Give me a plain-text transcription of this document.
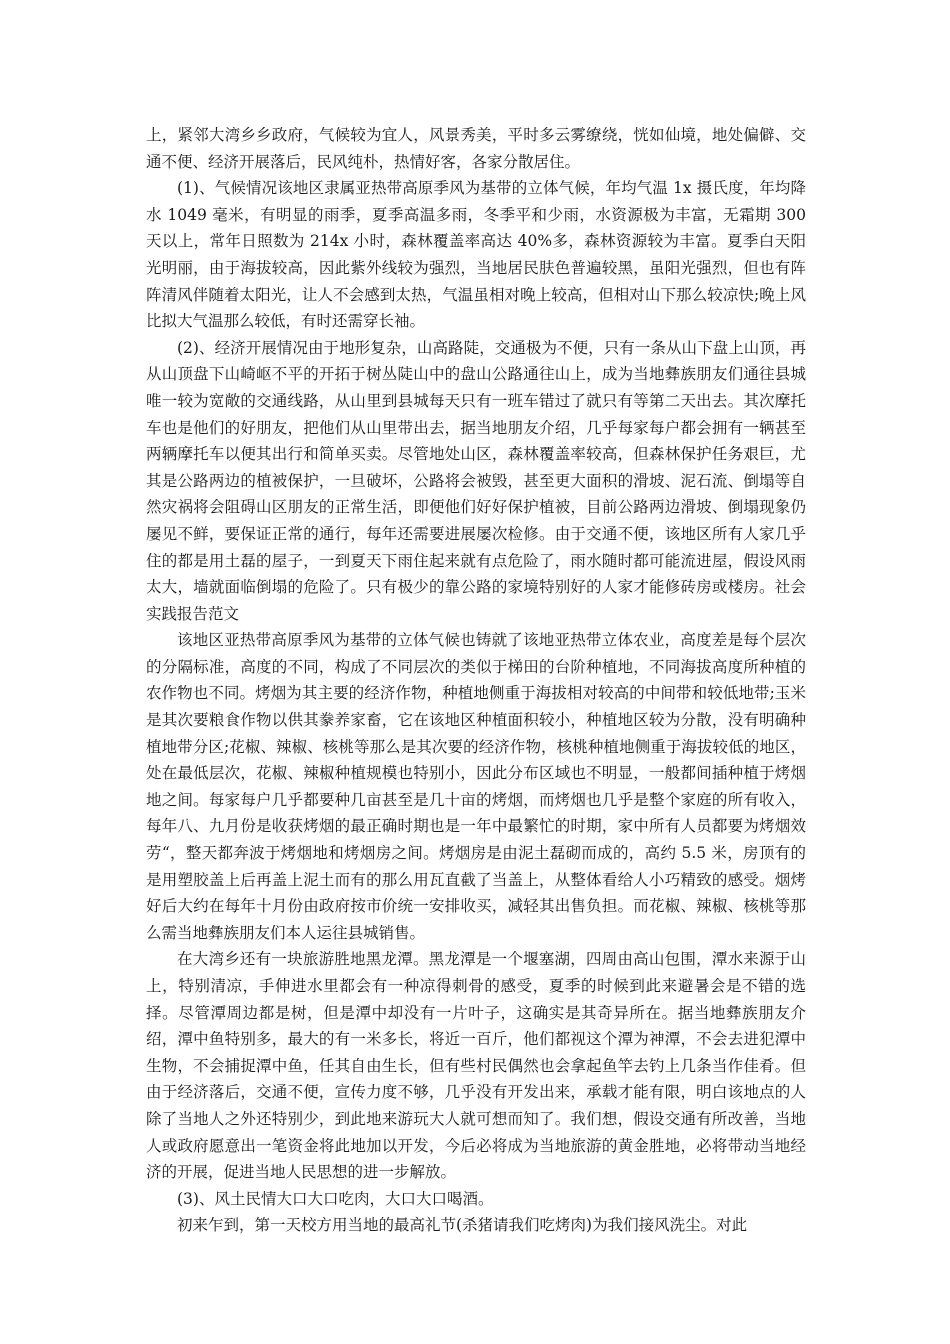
上，紧邻大湾乡乡政府，气候较为宜人，风景秀美，平时多云雾缭绕，恍如仙境，地处偏僻、交通不便、经济开展落后，民风纯朴，热情好客，各家分散居住。

(1)、气候情况该地区隶属亚热带高原季风为基带的立体气候，年均气温 1x 摄氏度，年均降水 1049 毫米，有明显的雨季，夏季高温多雨，冬季平和少雨，水资源极为丰富，无霜期 300 天以上，常年日照数为 214x 小时，森林覆盖率高达 40%多，森林资源较为丰富。夏季白天阳光明丽，由于海拔较高，因此紫外线较为强烈，当地居民肤色普遍较黑，虽阳光强烈，但也有阵阵清风伴随着太阳光，让人不会感到太热，气温虽相对晚上较高，但相对山下那么较凉快;晚上风比拟大气温那么较低，有时还需穿长袖。

(2)、经济开展情况由于地形复杂，山高路陡，交通极为不便，只有一条从山下盘上山顶，再从山顶盘下山崎岖不平的开拓于树丛陡山中的盘山公路通往山上，成为当地彝族朋友们通往县城唯一较为宽敞的交通线路，从山里到县城每天只有一班车错过了就只有等第二天出去。其次摩托车也是他们的好朋友，把他们从山里带出去，据当地朋友介绍，几乎每家每户都会拥有一辆甚至两辆摩托车以便其出行和简单买卖。尽管地处山区，森林覆盖率较高，但森林保护任务艰巨，尤其是公路两边的植被保护，一旦破坏，公路将会被毁，甚至更大面积的滑坡、泥石流、倒塌等自然灾祸将会阻碍山区朋友的正常生活，即便他们好好保护植被，目前公路两边滑坡、倒塌现象仍屡见不鲜，要保证正常的通行，每年还需要进展屡次检修。由于交通不便，该地区所有人家几乎住的都是用土磊的屋子，一到夏天下雨住起来就有点危险了，雨水随时都可能流进屋，假设风雨太大，墙就面临倒塌的危险了。只有极少的靠公路的家境特别好的人家才能修砖房或楼房。社会实践报告范文

该地区亚热带高原季风为基带的立体气候也铸就了该地亚热带立体农业，高度差是每个层次的分隔标准，高度的不同，构成了不同层次的类似于梯田的台阶种植地，不同海拔高度所种植的农作物也不同。烤烟为其主要的经济作物，种植地侧重于海拔相对较高的中间带和较低地带;玉米是其次要粮食作物以供其豢养家畜，它在该地区种植面积较小，种植地区较为分散，没有明确种植地带分区;花椒、辣椒、核桃等那么是其次要的经济作物，核桃种植地侧重于海拔较低的地区，处在最低层次，花椒、辣椒种植规模也特别小，因此分布区域也不明显，一般都间插种植于烤烟地之间。每家每户几乎都要种几亩甚至是几十亩的烤烟，而烤烟也几乎是整个家庭的所有收入，每年八、九月份是收获烤烟的最正确时期也是一年中最繁忙的时期，家中所有人员都要为烤烟效劳“，整天都奔波于烤烟地和烤烟房之间。烤烟房是由泥土磊砌而成的，高约 5.5 米，房顶有的是用塑胶盖上后再盖上泥土而有的那么用瓦直截了当盖上，从整体看给人小巧精致的感受。烟烤好后大约在每年十月份由政府按市价统一安排收买，减轻其出售负担。而花椒、辣椒、核桃等那么需当地彝族朋友们本人运往县城销售。

在大湾乡还有一块旅游胜地黑龙潭。黑龙潭是一个堰塞湖，四周由高山包围，潭水来源于山上，特别清凉，手伸进水里都会有一种凉得刺骨的感受，夏季的时候到此来避暑会是不错的选择。尽管潭周边都是树，但是潭中却没有一片叶子，这确实是其奇异所在。据当地彝族朋友介绍，潭中鱼特别多，最大的有一米多长，将近一百斤，他们都视这个潭为神潭，不会去进犯潭中生物，不会捕捉潭中鱼，任其自由生长，但有些村民偶然也会拿起鱼竿去钓上几条当作佳肴。但由于经济落后，交通不便，宣传力度不够，几乎没有开发出来，承载才能有限，明白该地点的人除了当地人之外还特别少，到此地来游玩大人就可想而知了。我们想，假设交通有所改善，当地人或政府愿意出一笔资金将此地加以开发，今后必将成为当地旅游的黄金胜地，必将带动当地经济的开展，促进当地人民思想的进一步解放。

(3)、风土民情大口大口吃肉，大口大口喝酒。

初来乍到，第一天校方用当地的最高礼节(杀猪请我们吃烤肉)为我们接风洗尘。对此
